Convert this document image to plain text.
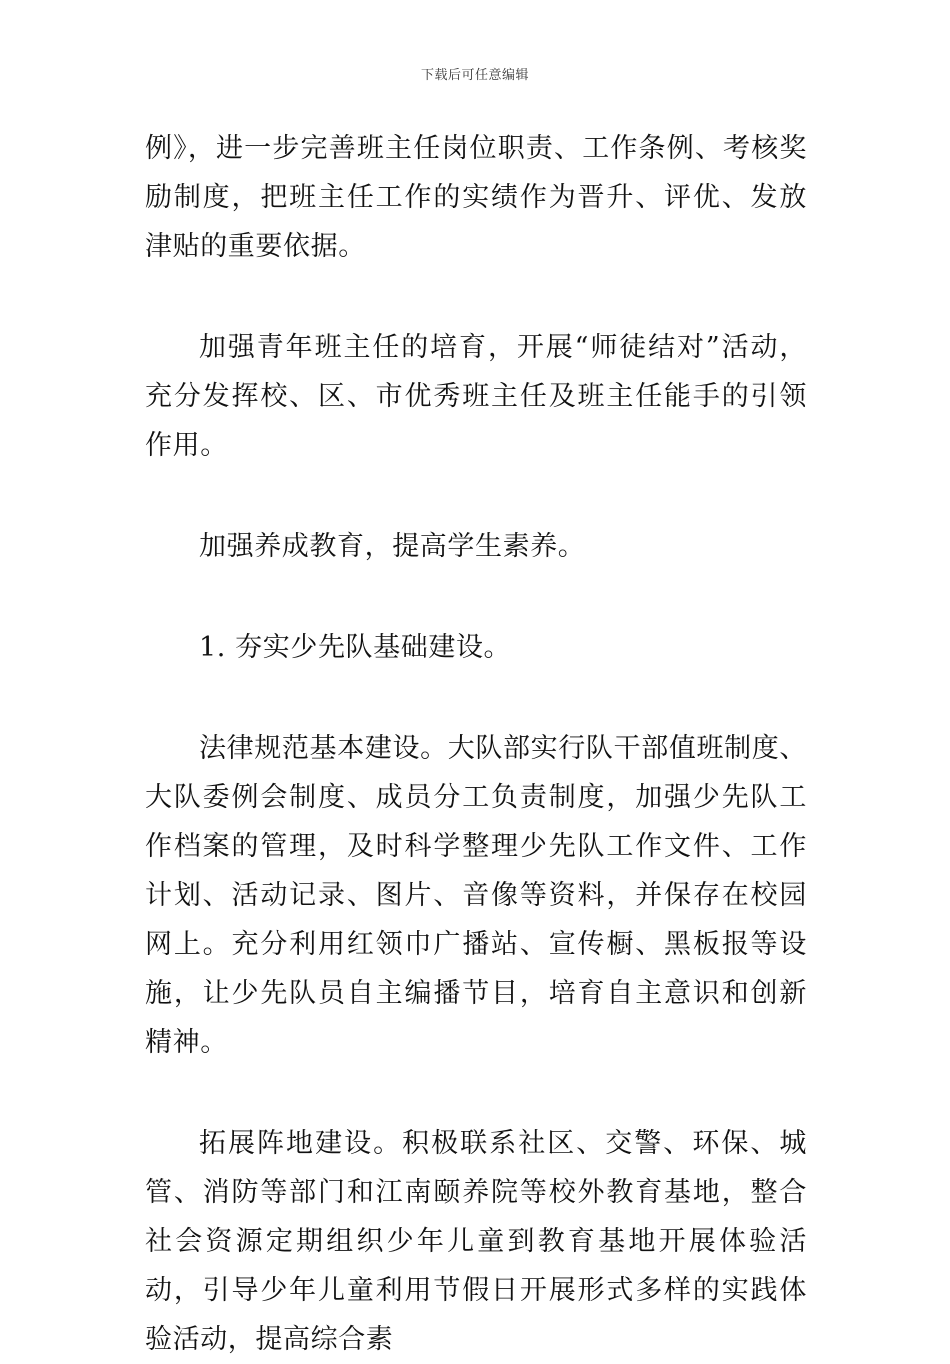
下载后可任意编辑

例》，进一步完善班主任岗位职责、工作条例、考核奖励制度，把班主任工作的实绩作为晋升、评优、发放津贴的重要依据。

加强青年班主任的培育，开展“师徒结对”活动，充分发挥校、区、市优秀班主任及班主任能手的引领作用。

加强养成教育，提高学生素养。

1. 夯实少先队基础建设。

法律规范基本建设。大队部实行队干部值班制度、大队委例会制度、成员分工负责制度，加强少先队工作档案的管理，及时科学整理少先队工作文件、工作计划、活动记录、图片、音像等资料，并保存在校园网上。充分利用红领巾广播站、宣传橱、黑板报等设施，让少先队员自主编播节目，培育自主意识和创新精神。

拓展阵地建设。积极联系社区、交警、环保、城管、消防等部门和江南颐养院等校外教育基地，整合社会资源定期组织少年儿童到教育基地开展体验活动，引导少年儿童利用节假日开展形式多样的实践体验活动，提高综合素
